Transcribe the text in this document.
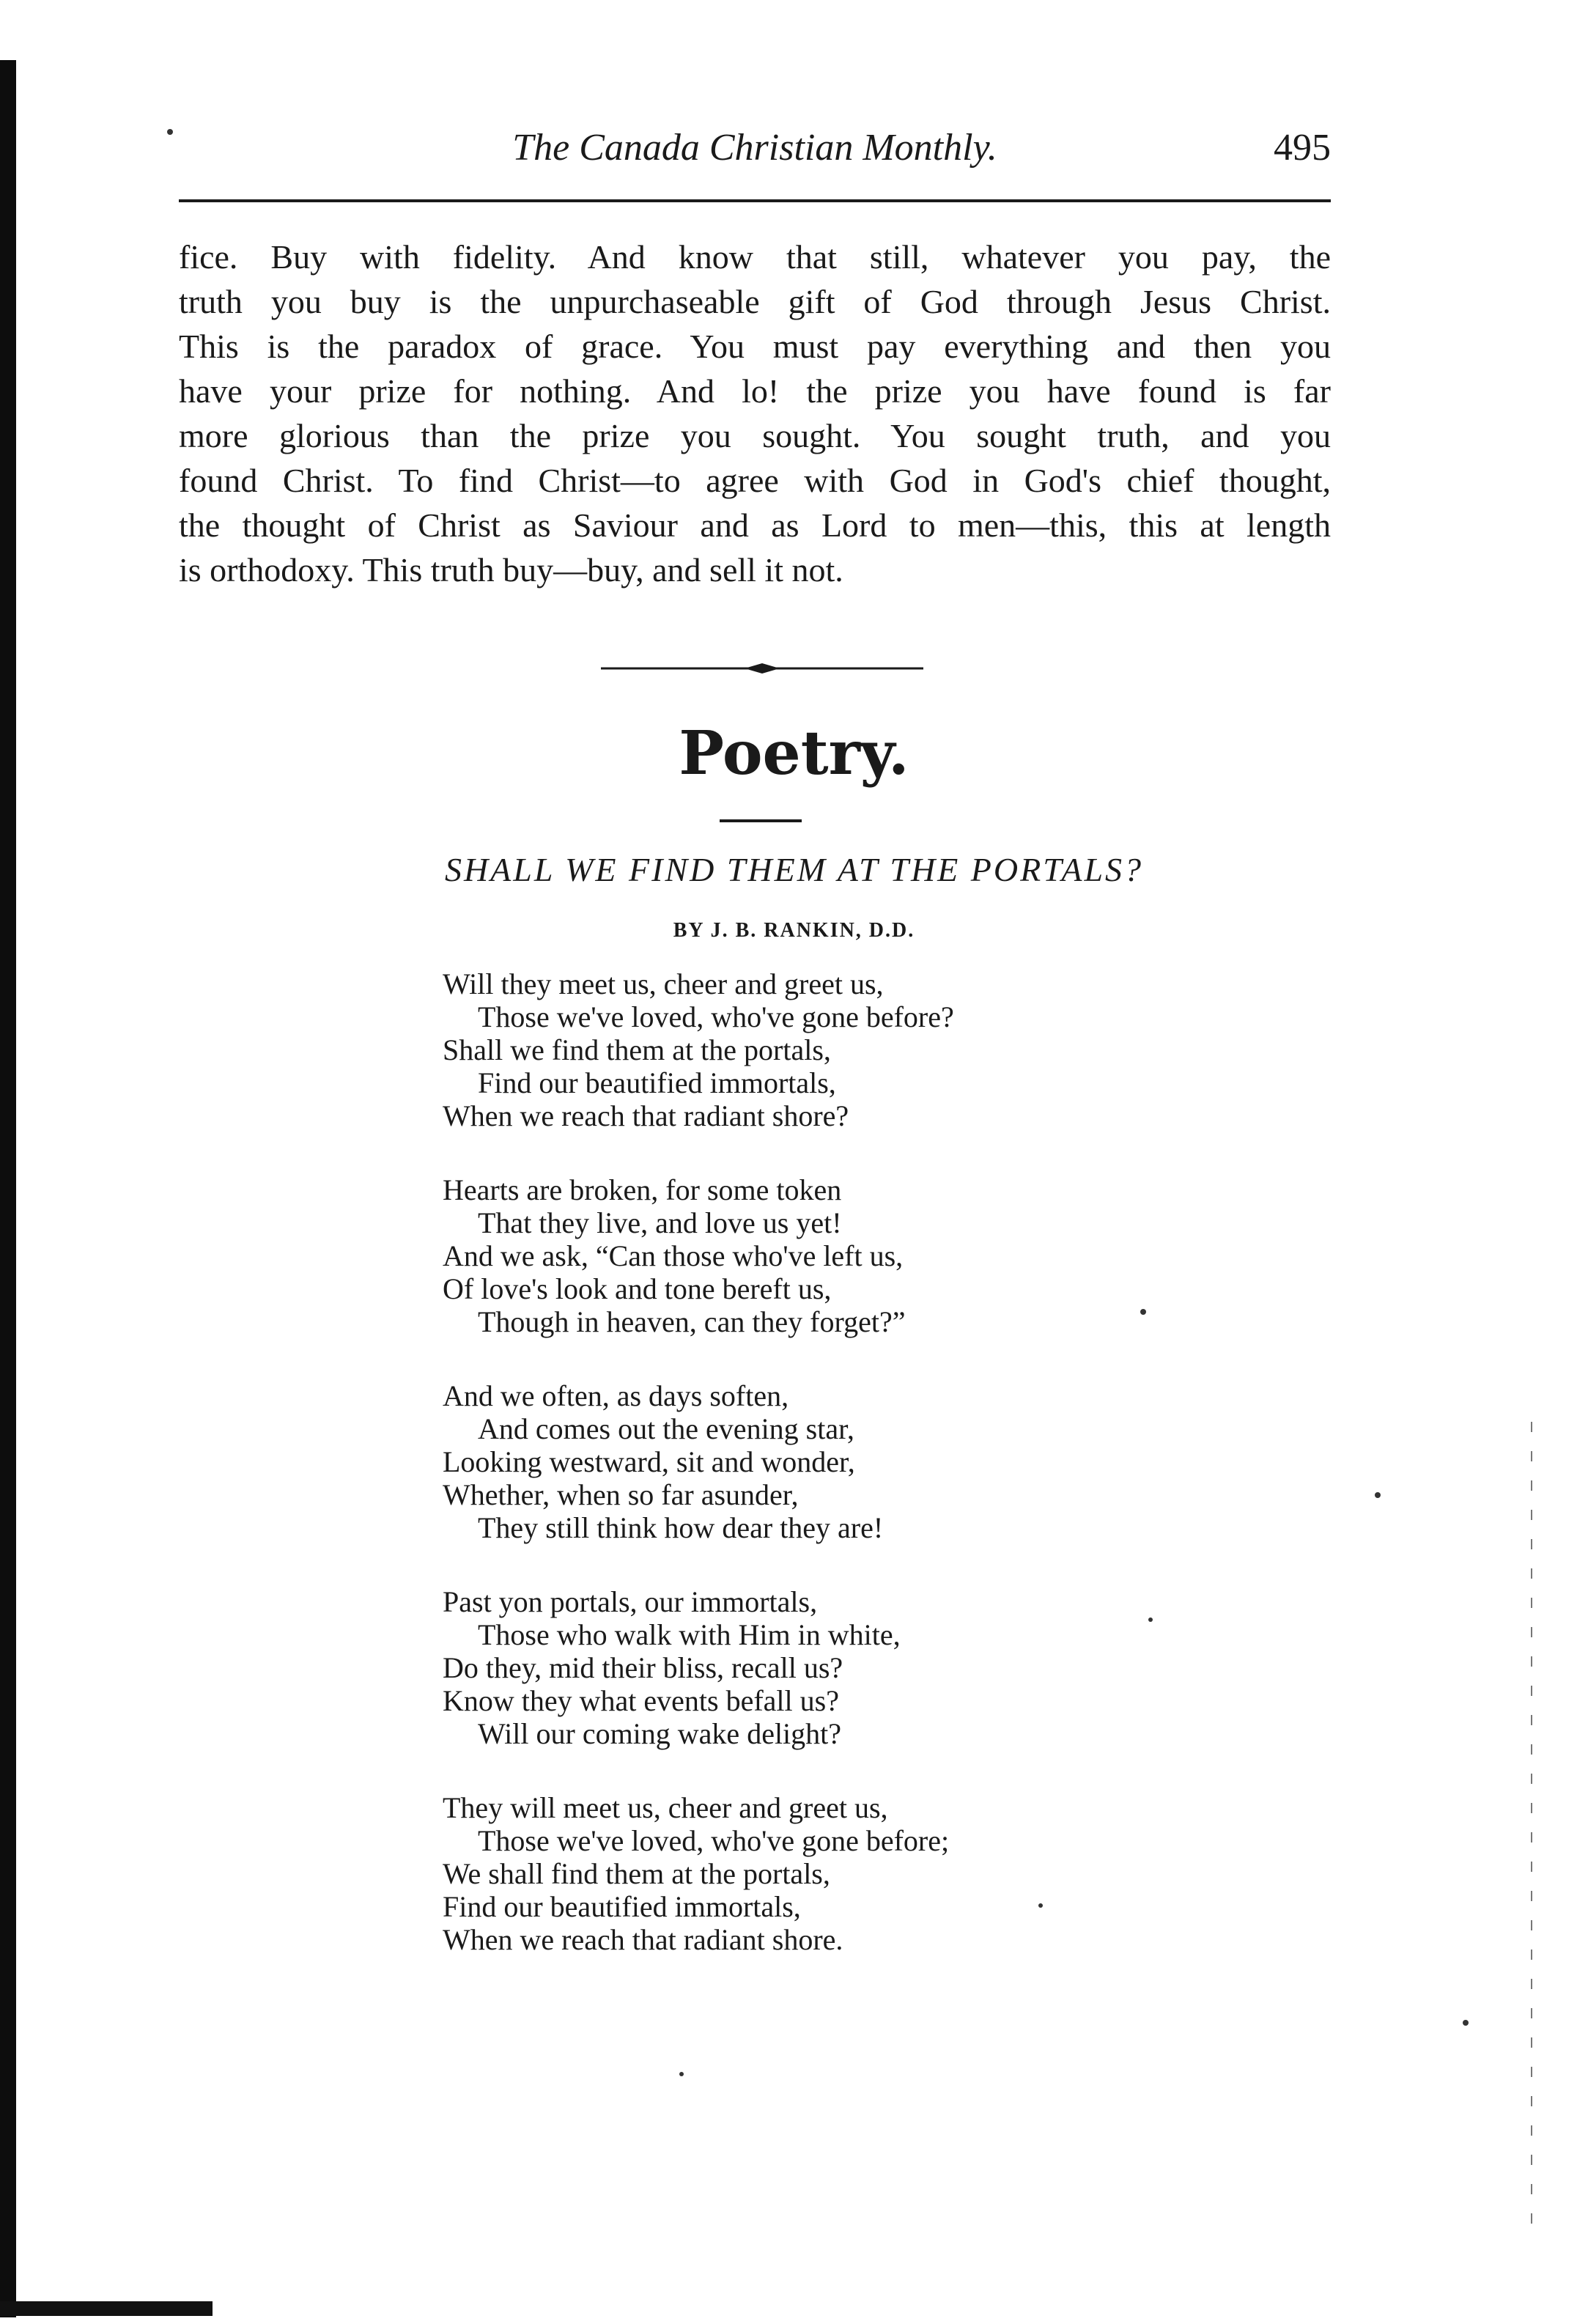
The Canada Christian Monthly.	495
fice. Buy with fidelity. And know that still, whatever you pay, the
truth you buy is the unpurchaseable gift of God through Jesus Christ.
This is the paradox of grace. You must pay everything and then you
have your prize for nothing. And lo! the prize you have found is far
more glorious than the prize you sought. You sought truth, and you
found Christ. To find Christ—to agree with God in God's chief thought,
the thought of Christ as Saviour and as Lord to men—this, this at length
is orthodoxy. This truth buy—buy, and sell it not.
Poetry.
SHALL WE FIND THEM AT THE PORTALS?
BY J. B. RANKIN, D.D.
Will they meet us, cheer and greet us,
Those we've loved, who've gone before?
Shall we find them at the portals,
Find our beautified immortals,
When we reach that radiant shore?
Hearts are broken, for some token
That they live, and love us yet!
And we ask, “Can those who've left us,
Of love's look and tone bereft us,
Though in heaven, can they forget?”
And we often, as days soften,
And comes out the evening star,
Looking westward, sit and wonder,
Whether, when so far asunder,
They still think how dear they are!
Past yon portals, our immortals,
Those who walk with Him in white,
Do they, mid their bliss, recall us?
Know they what events befall us?
Will our coming wake delight?
They will meet us, cheer and greet us,
Those we've loved, who've gone before;
We shall find them at the portals,
Find our beautified immortals,
When we reach that radiant shore.
